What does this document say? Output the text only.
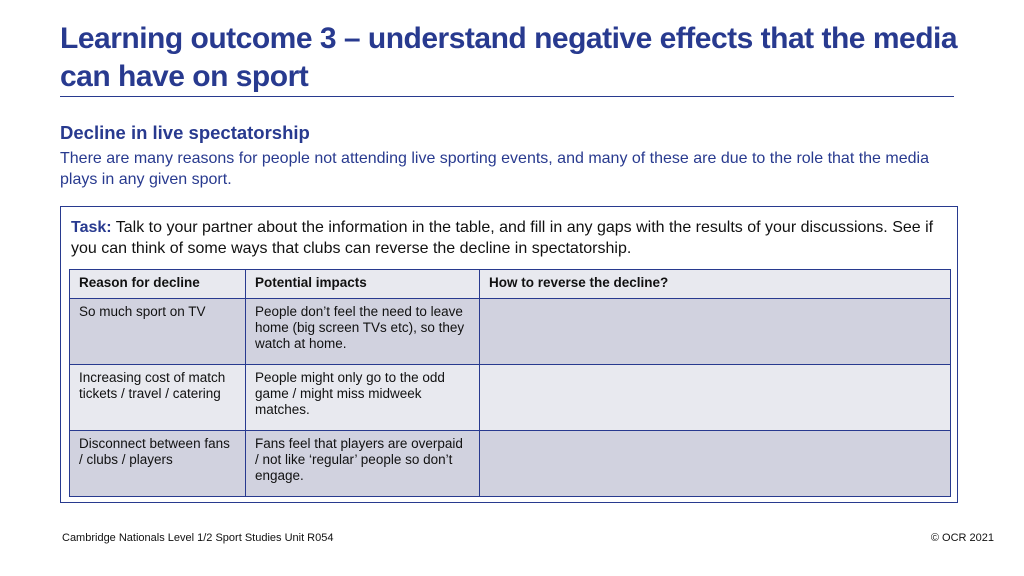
Learning outcome 3 – understand negative effects that the media can have on sport
Decline in live spectatorship
There are many reasons for people not attending live sporting events, and many of these are due to the role that the media plays in any given sport.
Task: Talk to your partner about the information in the table, and fill in any gaps with the results of your discussions. See if you can think of some ways that clubs can reverse the decline in spectatorship.
Reason for decline	Potential impacts	How to reverse the decline?
So much sport on TV	People don’t feel the need to leave home (big screen TVs etc), so they watch at home.	
Increasing cost of match tickets / travel / catering	People might only go to the odd game / might miss midweek matches.	
Disconnect between fans / clubs / players	Fans feel that players are overpaid / not like ‘regular’ people so don’t engage.	
Cambridge Nationals Level 1/2 Sport Studies Unit R054	© OCR 2021
